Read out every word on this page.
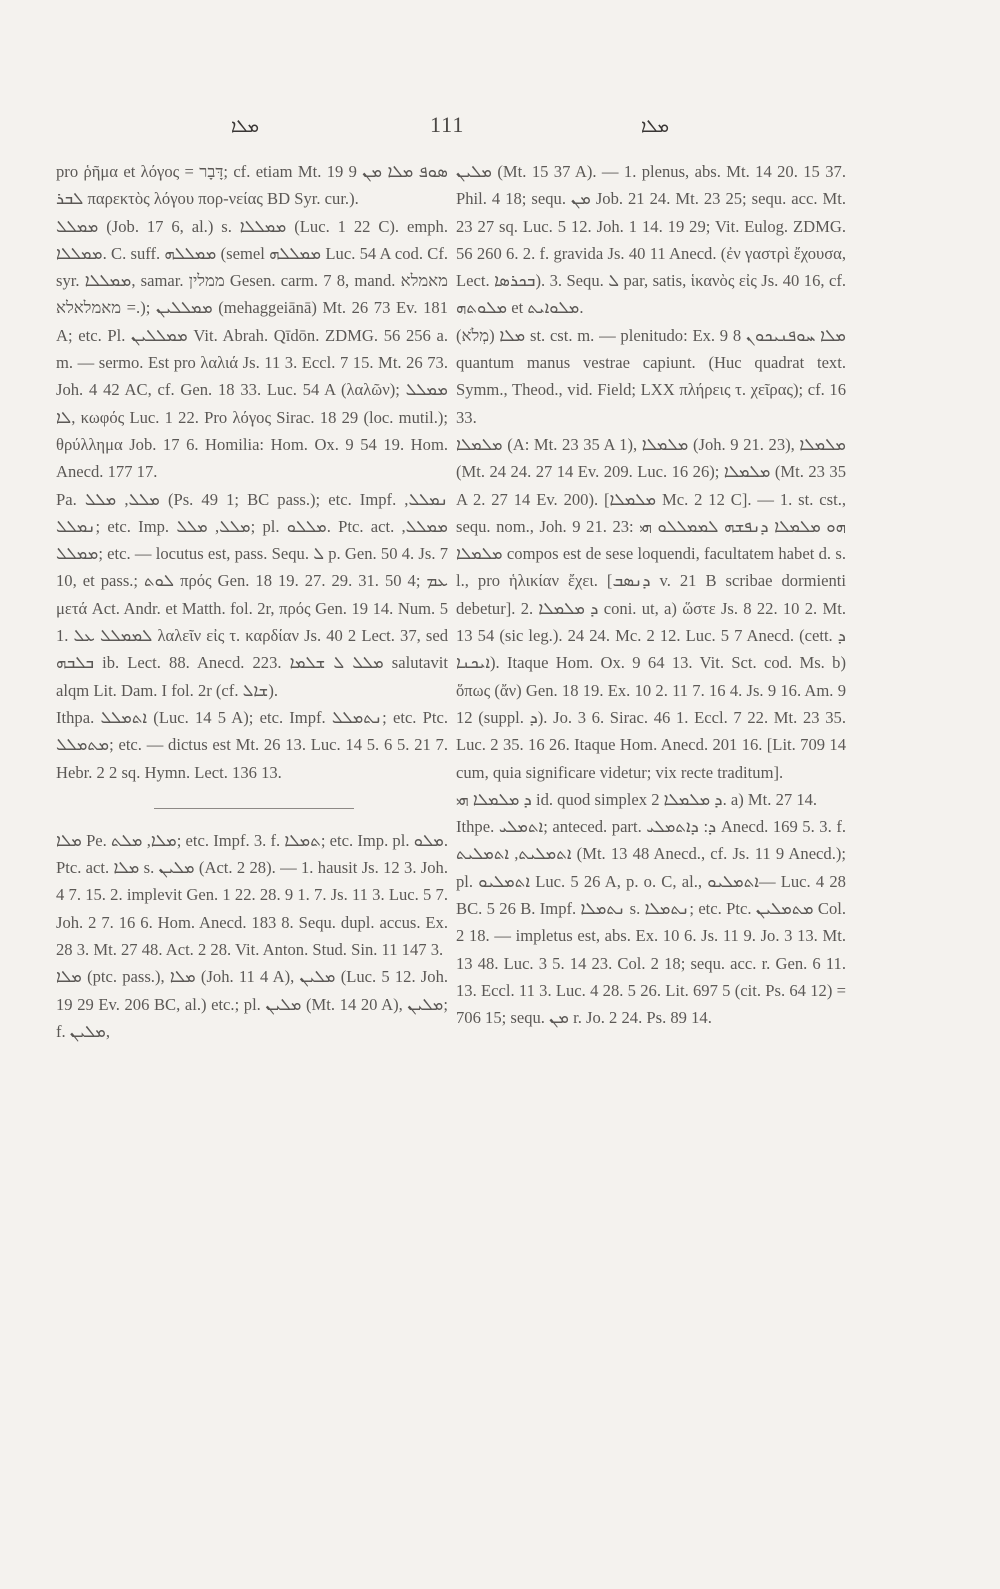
ܡܠܐ	111	ܡܠܐ

pro ῥῆμα et λόγος = דָּבָר; cf. etiam Mt. 19 9 ܣܘܦ ܡܠܐ ܡܢ ܠܒܪ παρεκτὸς λόγου πορ-νείας BD Syr. cur.).

ܡܡܠܠ (Job. 17 6, al.) s. ܡܡܠܠܐ (Luc. 1 22 C). emph. ܡܡܠܠܐ. C. suff. ܡܡܠܠܗ (semel ܡܡܠܠܗ Luc. 54 A cod. Cf. syr. ܡܡܠܠܐ, samar. ממלין Gesen. carm. 7 8, mand. מאמלא = מאמלאלא.); ܡܡܠܠܝܢ (mehaggeiānā) Mt. 26 73 Ev. 181 A; etc. Pl. ܡܡܠܠܝܢ Vit. Abrah. Qīdōn. ZDMG. 56 256 a. m. — sermo. Est pro λαλιά Js. 11 3. Eccl. 7 15. Mt. 26 73. Joh. 4 42 AC, cf. Gen. 18 33. Luc. 54 A (λαλῶν); ܡܡܠܠ ܠܐ, κωφός Luc. 1 22. Pro λόγος Sirac. 18 29 (loc. mutil.); θρύλλημα Job. 17 6. Homilia: Hom. Ox. 9 54 19. Hom. Anecd. 177 17.

Pa. ܡܠܠ, ܡܠܠ (Ps. 49 1; BC pass.); etc. Impf. ܢܡܠܠ, ܢܡܠܠ; etc. Imp. ܡܠܠ, ܡܠܠ; pl. ܡܠܠܘ. Ptc. act. ܡܡܠܠ, ܡܡܠܠ; etc. — locutus est, pass. Sequ. ܠ p. Gen. 50 4. Js. 7 10, et pass.; ܠܘܬ πρός Gen. 18 19. 27. 29. 31. 50 4; ܥܡ μετά Act. Andr. et Matth. fol. 2r, πρός Gen. 19 14. Num. 5 1. ܠܡܡܠܠ ܥܠ λαλεῖν εἰς τ. καρδίαν Js. 40 2 Lect. 37, sed ܒܠܒܗ ib. Lect. 88. Anecd. 223. ܡܠܠ ܠ ܫܠܡܐ salutavit alqm Lit. Dam. I fol. 2r (cf. ܫܐܠ).

Ithpa. ܐܬܡܠܠ (Luc. 14 5 A); etc. Impf. ܢܬܡܠܠ; etc. Ptc. ܡܬܡܠܠ; etc. — dictus est Mt. 26 13. Luc. 14 5. 6 5. 21 7. Hebr. 2 2 sq. Hymn. Lect. 136 13.

ܡܠܐ Pe. ܡܠܐ, ܡܠܬ; etc. Impf. 3. f. ܬܡܠܐ; etc. Imp. pl. ܡܠܘ. Ptc. act. ܡܠܐ s. ܡܠܝܢ (Act. 2 28). — 1. hausit Js. 12 3. Joh. 4 7. 15. 2. implevit Gen. 1 22. 28. 9 1. 7. Js. 11 3. Luc. 5 7. Joh. 2 7. 16 6. Hom. Anecd. 183 8. Sequ. dupl. accus. Ex. 28 3. Mt. 27 48. Act. 2 28. Vit. Anton. Stud. Sin. 11 147 3.

ܡܠܐ (ptc. pass.), ܡܠܐ (Joh. 11 4 A), ܡܠܝܢ (Luc. 5 12. Joh. 19 29 Ev. 206 BC, al.) etc.; pl. ܡܠܝܢ (Mt. 14 20 A), ܡܠܝܢ; f. ܡܠܝܢ,

ܡܠܝܢ (Mt. 15 37 A). — 1. plenus, abs. Mt. 14 20. 15 37. Phil. 4 18; sequ. ܡܢ Job. 21 24. Mt. 23 25; sequ. acc. Mt. 23 27 sq. Luc. 5 12. Joh. 1 14. 19 29; Vit. Eulog. ZDMG. 56 260 6. 2. f. gravida Js. 40 11 Anecd. (ἐν γαστρὶ ἔχουσα, Lect. ܒܟܪܣܐ). 3. Sequ. ܠ par, satis, ἱκανὸς εἰς Js. 40 16, cf. ܡܠܘܬܗ et ܡܠܘܐܝܬ.

ܡܠܐ (מְלֹא) st. cst. m. — plenitudo: Ex. 9 8 ܡܠܐ ܚܘܦܢܝܟܘܢ quantum manus vestrae capiunt. (Huc quadrat text. Symm., Theod., vid. Field; LXX πλήρεις τ. χεῖρας); cf. 16 33.

ܡܠܡܠܐ (A: Mt. 23 35 A 1), ܡܠܡܠܐ (Joh. 9 21. 23), ܡܠܡܠܐ (Mt. 24 24. 27 14 Ev. 209. Luc. 16 26); ܡܠܡܠܐ (Mt. 23 35 A 2. 27 14 Ev. 200). [ܡܠܡܠܐ Mc. 2 12 C]. — 1. st. cst., sequ. nom., Joh. 9 21. 23: ܗܘ ܡܠܡܠܐ ܕܢܦܫܗ ܠܡܡܠܠܘ ܗܝ ܡܠܡܠܐ compos est de sese loquendi, facultatem habet d. s. l., pro ἡλικίαν ἔχει. [ܕܢܣܒ v. 21 B scribae dormienti debetur]. 2. ܕ ܡܠܡܠܐ coni. ut, a) ὥστε Js. 8 22. 10 2. Mt. 13 54 (sic leg.). 24 24. Mc. 2 12. Luc. 5 7 Anecd. (cett. ܕ ܐܝܟܢܐ). Itaque Hom. Ox. 9 64 13. Vit. Sct. cod. Ms. b) ὅπως (ἄν) Gen. 18 19. Ex. 10 2. 11 7. 16 4. Js. 9 16. Am. 9 12 (suppl. ܕ). Jo. 3 6. Sirac. 46 1. Eccl. 7 22. Mt. 23 35. Luc. 2 35. 16 26. Itaque Hom. Anecd. 201 16. [Lit. 709 14 cum, quia significare videtur; vix recte traditum].

ܕ ܡܠܡܠܐ ܗܝ id. quod simplex ܕ ܡܠܡܠܐ 2. a) Mt. 27 14.

Ithpe. ܐܬܡܠܝ; anteced. part. ܕ: ܕܐܬܡܠܝ Anecd. 169 5. 3. f. ܐܬܡܠܝܬ, ܐܬܡܠܝܬ (Mt. 13 48 Anecd., cf. Js. 11 9 Anecd.); pl. ܐܬܡܠܝܘ Luc. 5 26 A, p. o. C, al., ܐܬܡܠܝܘ— Luc. 4 28 BC. 5 26 B. Impf. ܢܬܡܠܐ s. ܢܬܡܠܐ; etc. Ptc. ܡܬܡܠܝܢ Col. 2 18. — impletus est, abs. Ex. 10 6. Js. 11 9. Jo. 3 13. Mt. 13 48. Luc. 3 5. 14 23. Col. 2 18; sequ. acc. r. Gen. 6 11. 13. Eccl. 11 3. Luc. 4 28. 5 26. Lit. 697 5 (cit. Ps. 64 12) = 706 15; sequ. ܡܢ r. Jo. 2 24. Ps. 89 14.
